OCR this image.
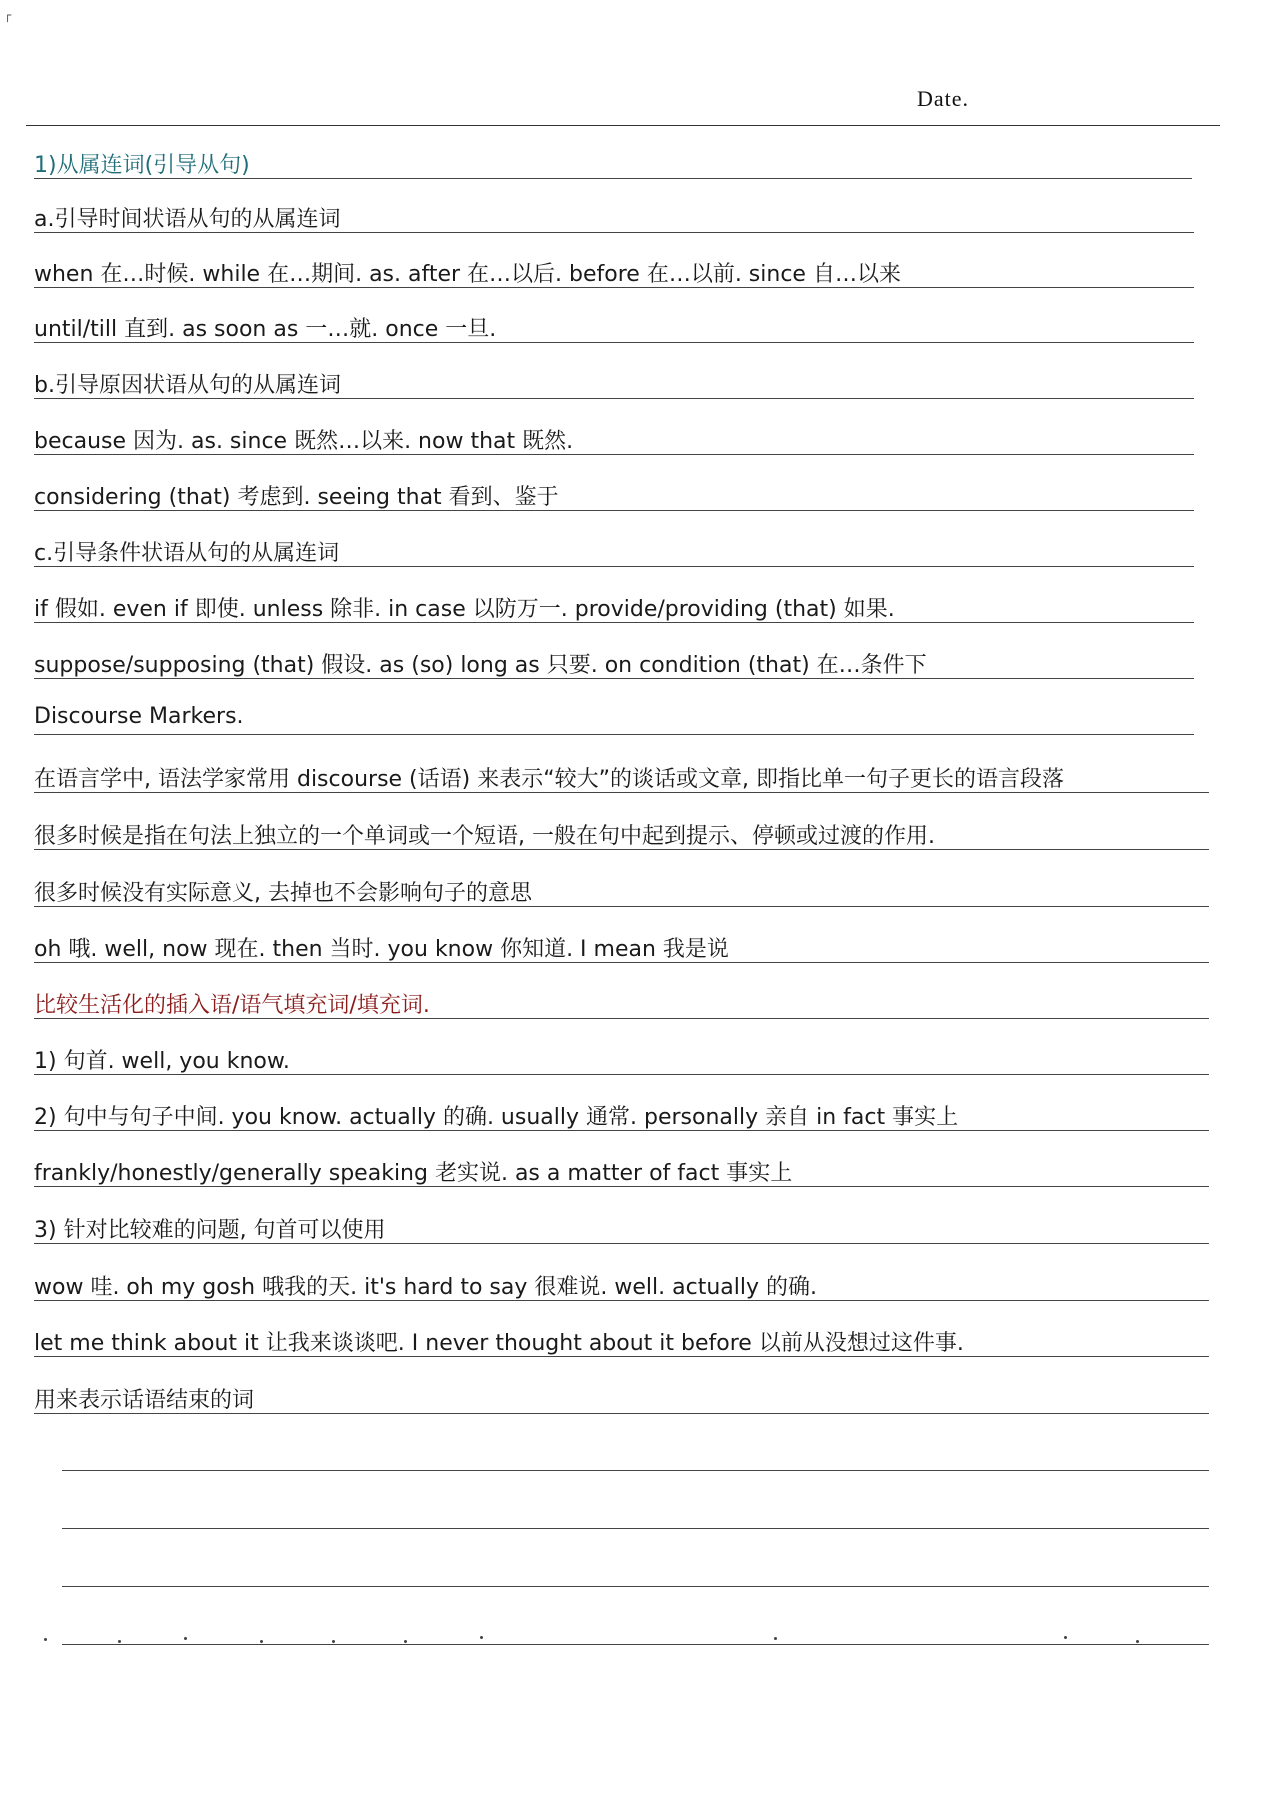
┌
Date.
1)从属连词(引导从句)
a.引导时间状语从句的从属连词
when 在…时候. while 在…期间. as. after 在…以后. before 在…以前. since 自…以来
until/till 直到. as soon as 一…就. once 一旦.
b.引导原因状语从句的从属连词
because 因为. as. since 既然…以来. now that 既然.
considering (that) 考虑到. seeing that 看到、鉴于
c.引导条件状语从句的从属连词
if 假如. even if 即使. unless 除非. in case 以防万一. provide/providing (that) 如果.
suppose/supposing (that) 假设. as (so) long as 只要. on condition (that) 在…条件下
Discourse Markers.
在语言学中, 语法学家常用 discourse (话语) 来表示“较大”的谈话或文章, 即指比单一句子更长的语言段落
很多时候是指在句法上独立的一个单词或一个短语, 一般在句中起到提示、停顿或过渡的作用.
很多时候没有实际意义, 去掉也不会影响句子的意思
oh 哦. well, now 现在. then 当时. you know 你知道. I mean 我是说
比较生活化的插入语/语气填充词/填充词.
1) 句首. well, you know.
2) 句中与句子中间. you know. actually 的确. usually 通常. personally 亲自 in fact 事实上
frankly/honestly/generally speaking 老实说. as a matter of fact 事实上
3) 针对比较难的问题, 句首可以使用
wow 哇. oh my gosh 哦我的天. it's hard to say 很难说. well. actually 的确.
let me think about it 让我来谈谈吧. I never thought about it before 以前从没想过这件事.
用来表示话语结束的词
